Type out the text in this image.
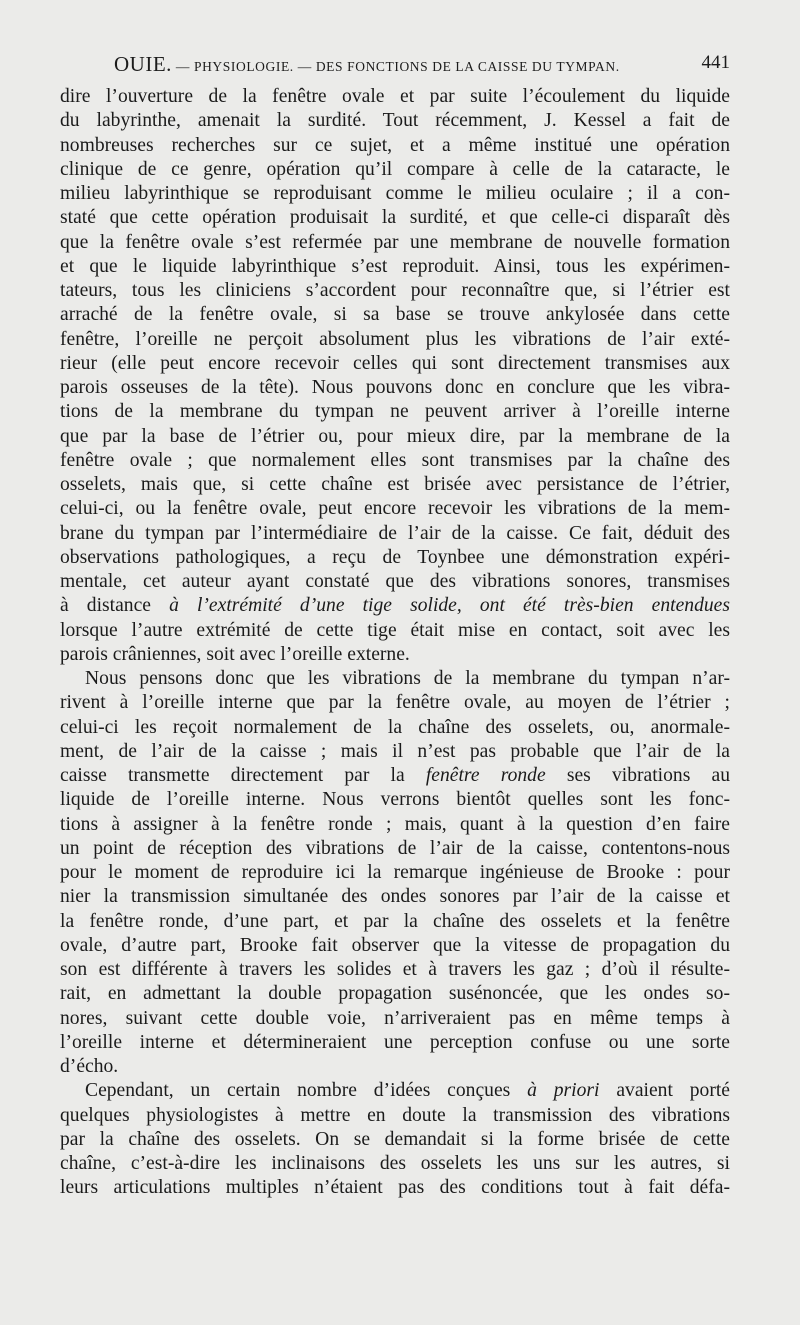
OUIE. — PHYSIOLOGIE. — DES FONCTIONS DE LA CAISSE DU TYMPAN.	441

dire l’ouverture de la fenêtre ovale et par suite l’écoulement du liquide
du labyrinthe, amenait la surdité. Tout récemment, J. Kessel a fait de
nombreuses recherches sur ce sujet, et a même institué une opération
clinique de ce genre, opération qu’il compare à celle de la cataracte, le
milieu labyrinthique se reproduisant comme le milieu oculaire ; il a con-
staté que cette opération produisait la surdité, et que celle-ci disparaît dès
que la fenêtre ovale s’est refermée par une membrane de nouvelle formation
et que le liquide labyrinthique s’est reproduit. Ainsi, tous les expérimen-
tateurs, tous les cliniciens s’accordent pour reconnaître que, si l’étrier est
arraché de la fenêtre ovale, si sa base se trouve ankylosée dans cette
fenêtre, l’oreille ne perçoit absolument plus les vibrations de l’air exté-
rieur (elle peut encore recevoir celles qui sont directement transmises aux
parois osseuses de la tête). Nous pouvons donc en conclure que les vibra-
tions de la membrane du tympan ne peuvent arriver à l’oreille interne
que par la base de l’étrier ou, pour mieux dire, par la membrane de la
fenêtre ovale ; que normalement elles sont transmises par la chaîne des
osselets, mais que, si cette chaîne est brisée avec persistance de l’étrier,
celui-ci, ou la fenêtre ovale, peut encore recevoir les vibrations de la mem-
brane du tympan par l’intermédiaire de l’air de la caisse. Ce fait, déduit des
observations pathologiques, a reçu de Toynbee une démonstration expéri-
mentale, cet auteur ayant constaté que des vibrations sonores, transmises
à distance à l’extrémité d’une tige solide, ont été très-bien entendues
lorsque l’autre extrémité de cette tige était mise en contact, soit avec les
parois crâniennes, soit avec l’oreille externe.

Nous pensons donc que les vibrations de la membrane du tympan n’ar-
rivent à l’oreille interne que par la fenêtre ovale, au moyen de l’étrier ;
celui-ci les reçoit normalement de la chaîne des osselets, ou, anormale-
ment, de l’air de la caisse ; mais il n’est pas probable que l’air de la
caisse transmette directement par la fenêtre ronde ses vibrations au
liquide de l’oreille interne. Nous verrons bientôt quelles sont les fonc-
tions à assigner à la fenêtre ronde ; mais, quant à la question d’en faire
un point de réception des vibrations de l’air de la caisse, contentons-nous
pour le moment de reproduire ici la remarque ingénieuse de Brooke : pour
nier la transmission simultanée des ondes sonores par l’air de la caisse et
la fenêtre ronde, d’une part, et par la chaîne des osselets et la fenêtre
ovale, d’autre part, Brooke fait observer que la vitesse de propagation du
son est différente à travers les solides et à travers les gaz ; d’où il résulte-
rait, en admettant la double propagation susénoncée, que les ondes so-
nores, suivant cette double voie, n’arriveraient pas en même temps à
l’oreille interne et détermineraient une perception confuse ou une sorte
d’écho.

Cependant, un certain nombre d’idées conçues à priori avaient porté
quelques physiologistes à mettre en doute la transmission des vibrations
par la chaîne des osselets. On se demandait si la forme brisée de cette
chaîne, c’est-à-dire les inclinaisons des osselets les uns sur les autres, si
leurs articulations multiples n’étaient pas des conditions tout à fait défa-
